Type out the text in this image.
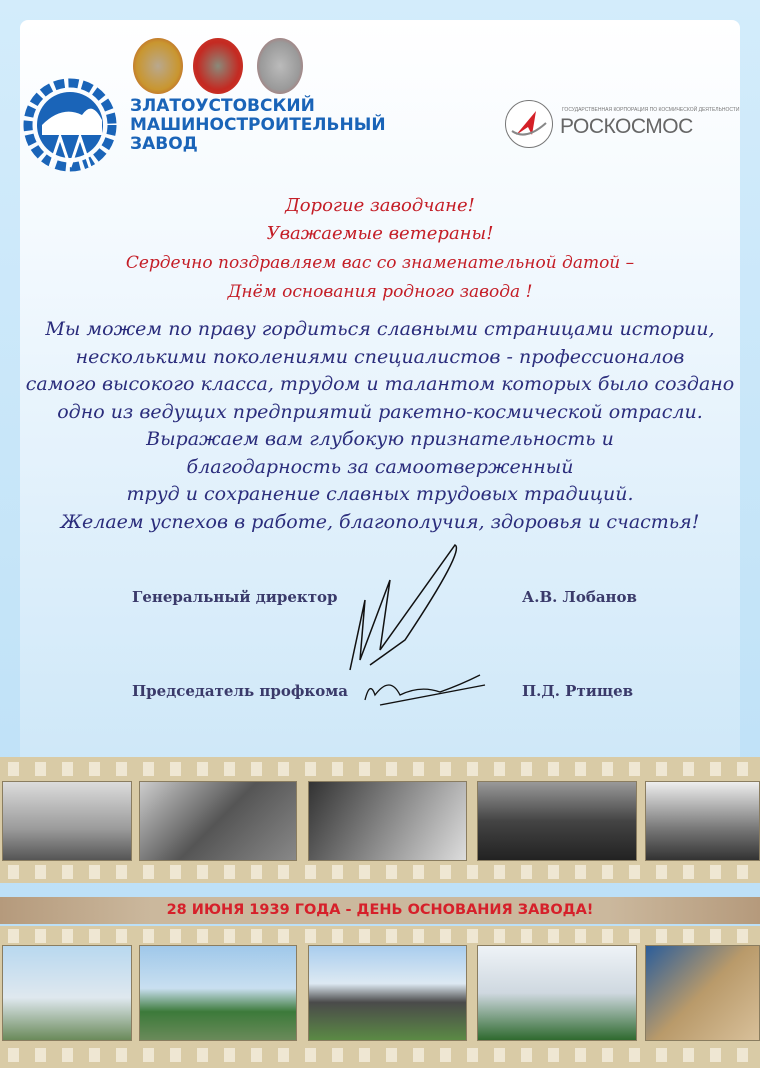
ЗЛАТОУСТОВСКИЙ
МАШИНОСТРОИТЕЛЬНЫЙ
ЗАВОД
ГОСУДАРСТВЕННАЯ КОРПОРАЦИЯ ПО КОСМИЧЕСКОЙ ДЕЯТЕЛЬНОСТИ
РОСКОСМОС
Дорогие заводчане!
Уважаемые ветераны!
Сердечно поздравляем вас со знаменательной датой –
Днём основания родного завода !
Мы можем по праву гордиться славными страницами истории,
несколькими поколениями специалистов - профессионалов
самого высокого класса, трудом и талантом которых было создано
одно из ведущих предприятий ракетно-космической отрасли.
Выражаем вам глубокую признательность и
благодарность за самоотверженный
труд и сохранение славных трудовых традиций.
Желаем успехов в работе, благополучия, здоровья и счастья!
Генеральный директор	А.В. Лобанов
Председатель профкома	П.Д. Ртищев
28 ИЮНЯ 1939 ГОДА - ДЕНЬ ОСНОВАНИЯ ЗАВОДА!
